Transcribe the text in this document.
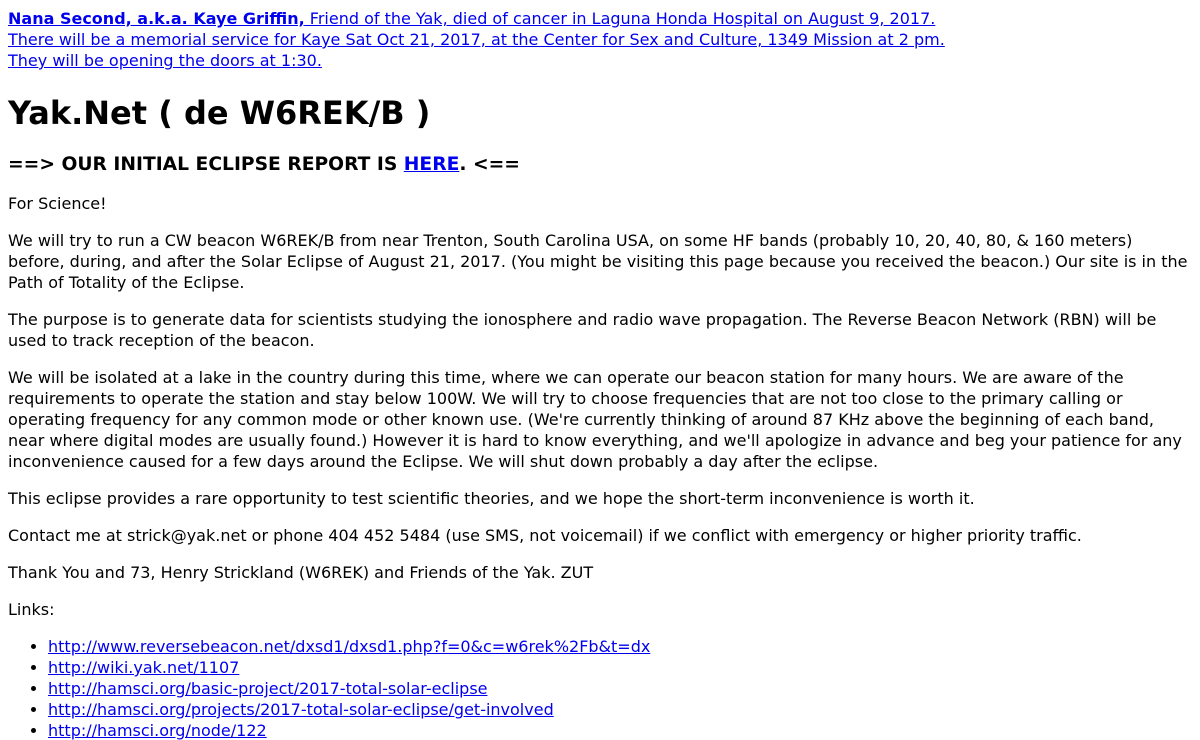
Nana Second, a.k.a. Kaye Griffin, Friend of the Yak, died of cancer in Laguna Honda Hospital on August 9, 2017.
There will be a memorial service for Kaye Sat Oct 21, 2017, at the Center for Sex and Culture, 1349 Mission at 2 pm.
They will be opening the doors at 1:30.
Yak.Net ( de W6REK/B )
==> OUR INITIAL ECLIPSE REPORT IS HERE. <==

For Science!

We will try to run a CW beacon W6REK/B from near Trenton, South Carolina USA, on some HF bands (probably 10, 20, 40, 80, & 160 meters) before, during, and after the Solar Eclipse of August 21, 2017. (You might be visiting this page because you received the beacon.) Our site is in the Path of Totality of the Eclipse.

The purpose is to generate data for scientists studying the ionosphere and radio wave propagation. The Reverse Beacon Network (RBN) will be used to track reception of the beacon.

We will be isolated at a lake in the country during this time, where we can operate our beacon station for many hours. We are aware of the requirements to operate the station and stay below 100W. We will try to choose frequencies that are not too close to the primary calling or operating frequency for any common mode or other known use. (We're currently thinking of around 87 KHz above the beginning of each band, near where digital modes are usually found.) However it is hard to know everything, and we'll apologize in advance and beg your patience for any inconvenience caused for a few days around the Eclipse. We will shut down probably a day after the eclipse.

This eclipse provides a rare opportunity to test scientific theories, and we hope the short-term inconvenience is worth it.

Contact me at strick@yak.net or phone 404 452 5484 (use SMS, not voicemail) if we conflict with emergency or higher priority traffic.

Thank You and 73, Henry Strickland (W6REK) and Friends of the Yak. ZUT

Links:

• http://www.reversebeacon.net/dxsd1/dxsd1.php?f=0&c=w6rek%2Fb&t=dx
• http://wiki.yak.net/1107
• http://hamsci.org/basic-project/2017-total-solar-eclipse
• http://hamsci.org/projects/2017-total-solar-eclipse/get-involved
• http://hamsci.org/node/122
